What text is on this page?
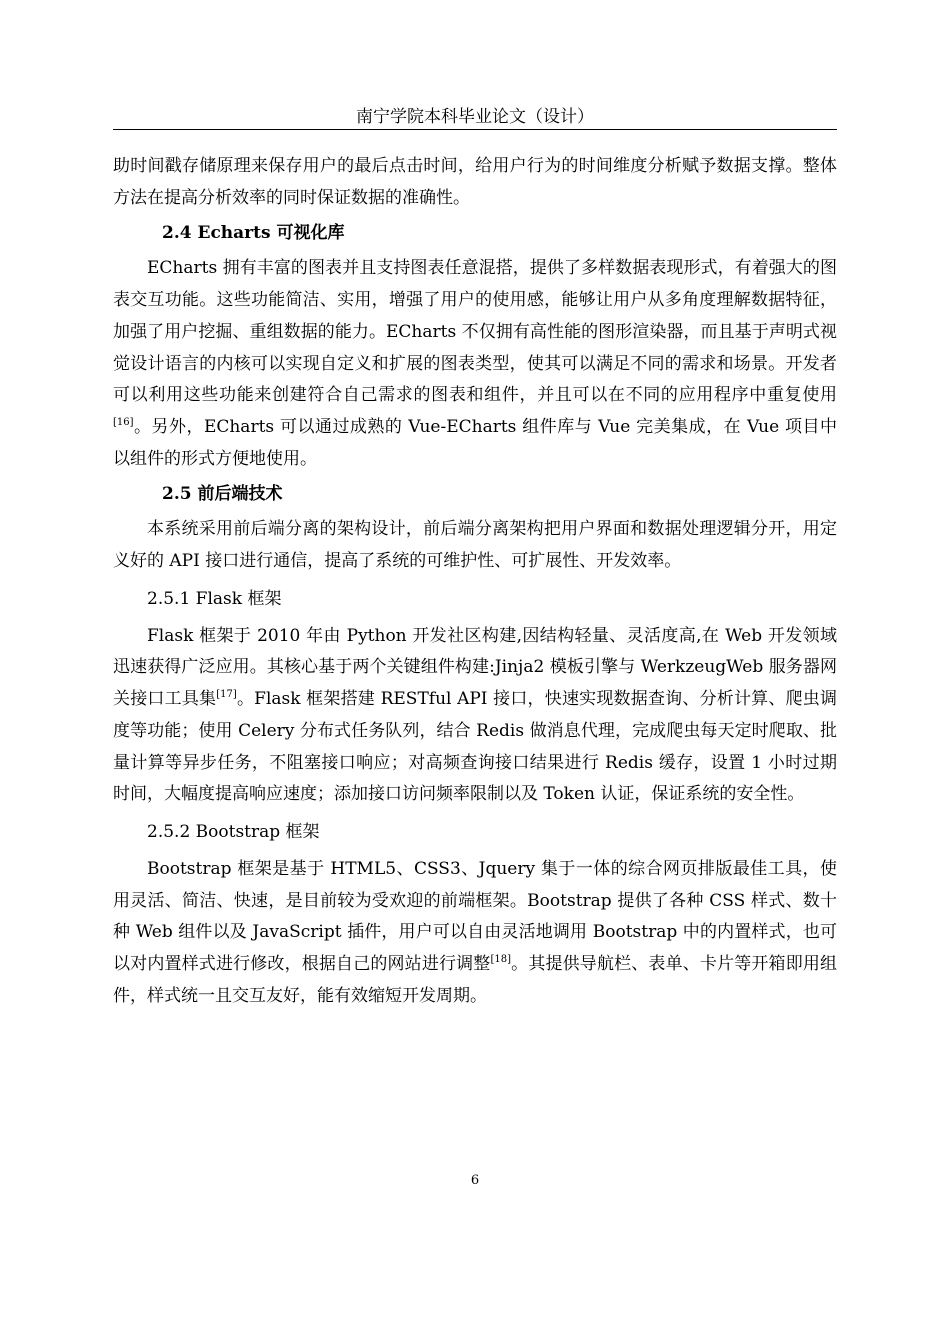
南宁学院本科毕业论文（设计）

助时间戳存储原理来保存用户的最后点击时间，给用户行为的时间维度分析赋予数据支撑。整体方法在提高分析效率的同时保证数据的准确性。

2.4 Echarts 可视化库

ECharts 拥有丰富的图表并且支持图表任意混搭，提供了多样数据表现形式，有着强大的图表交互功能。这些功能简洁、实用，增强了用户的使用感，能够让用户从多角度理解数据特征，加强了用户挖掘、重组数据的能力。ECharts 不仅拥有高性能的图形渲染器，而且基于声明式视觉设计语言的内核可以实现自定义和扩展的图表类型，使其可以满足不同的需求和场景。开发者可以利用这些功能来创建符合自己需求的图表和组件，并且可以在不同的应用程序中重复使用[16]。另外，ECharts 可以通过成熟的 Vue-ECharts 组件库与 Vue 完美集成，在 Vue 项目中以组件的形式方便地使用。

2.5 前后端技术

本系统采用前后端分离的架构设计，前后端分离架构把用户界面和数据处理逻辑分开，用定义好的 API 接口进行通信，提高了系统的可维护性、可扩展性、开发效率。

2.5.1 Flask 框架

Flask 框架于 2010 年由 Python 开发社区构建,因结构轻量、灵活度高,在 Web 开发领域迅速获得广泛应用。其核心基于两个关键组件构建:Jinja2 模板引擎与 WerkzeugWeb 服务器网关接口工具集[17]。Flask 框架搭建 RESTful API 接口，快速实现数据查询、分析计算、爬虫调度等功能；使用 Celery 分布式任务队列，结合 Redis 做消息代理，完成爬虫每天定时爬取、批量计算等异步任务，不阻塞接口响应；对高频查询接口结果进行 Redis 缓存，设置 1 小时过期时间，大幅度提高响应速度；添加接口访问频率限制以及 Token 认证，保证系统的安全性。

2.5.2 Bootstrap 框架

Bootstrap 框架是基于 HTML5、CSS3、Jquery 集于一体的综合网页排版最佳工具，使用灵活、简洁、快速，是目前较为受欢迎的前端框架。Bootstrap 提供了各种 CSS 样式、数十种 Web 组件以及 JavaScript 插件，用户可以自由灵活地调用 Bootstrap 中的内置样式，也可以对内置样式进行修改，根据自己的网站进行调整[18]。其提供导航栏、表单、卡片等开箱即用组件，样式统一且交互友好，能有效缩短开发周期。

6
